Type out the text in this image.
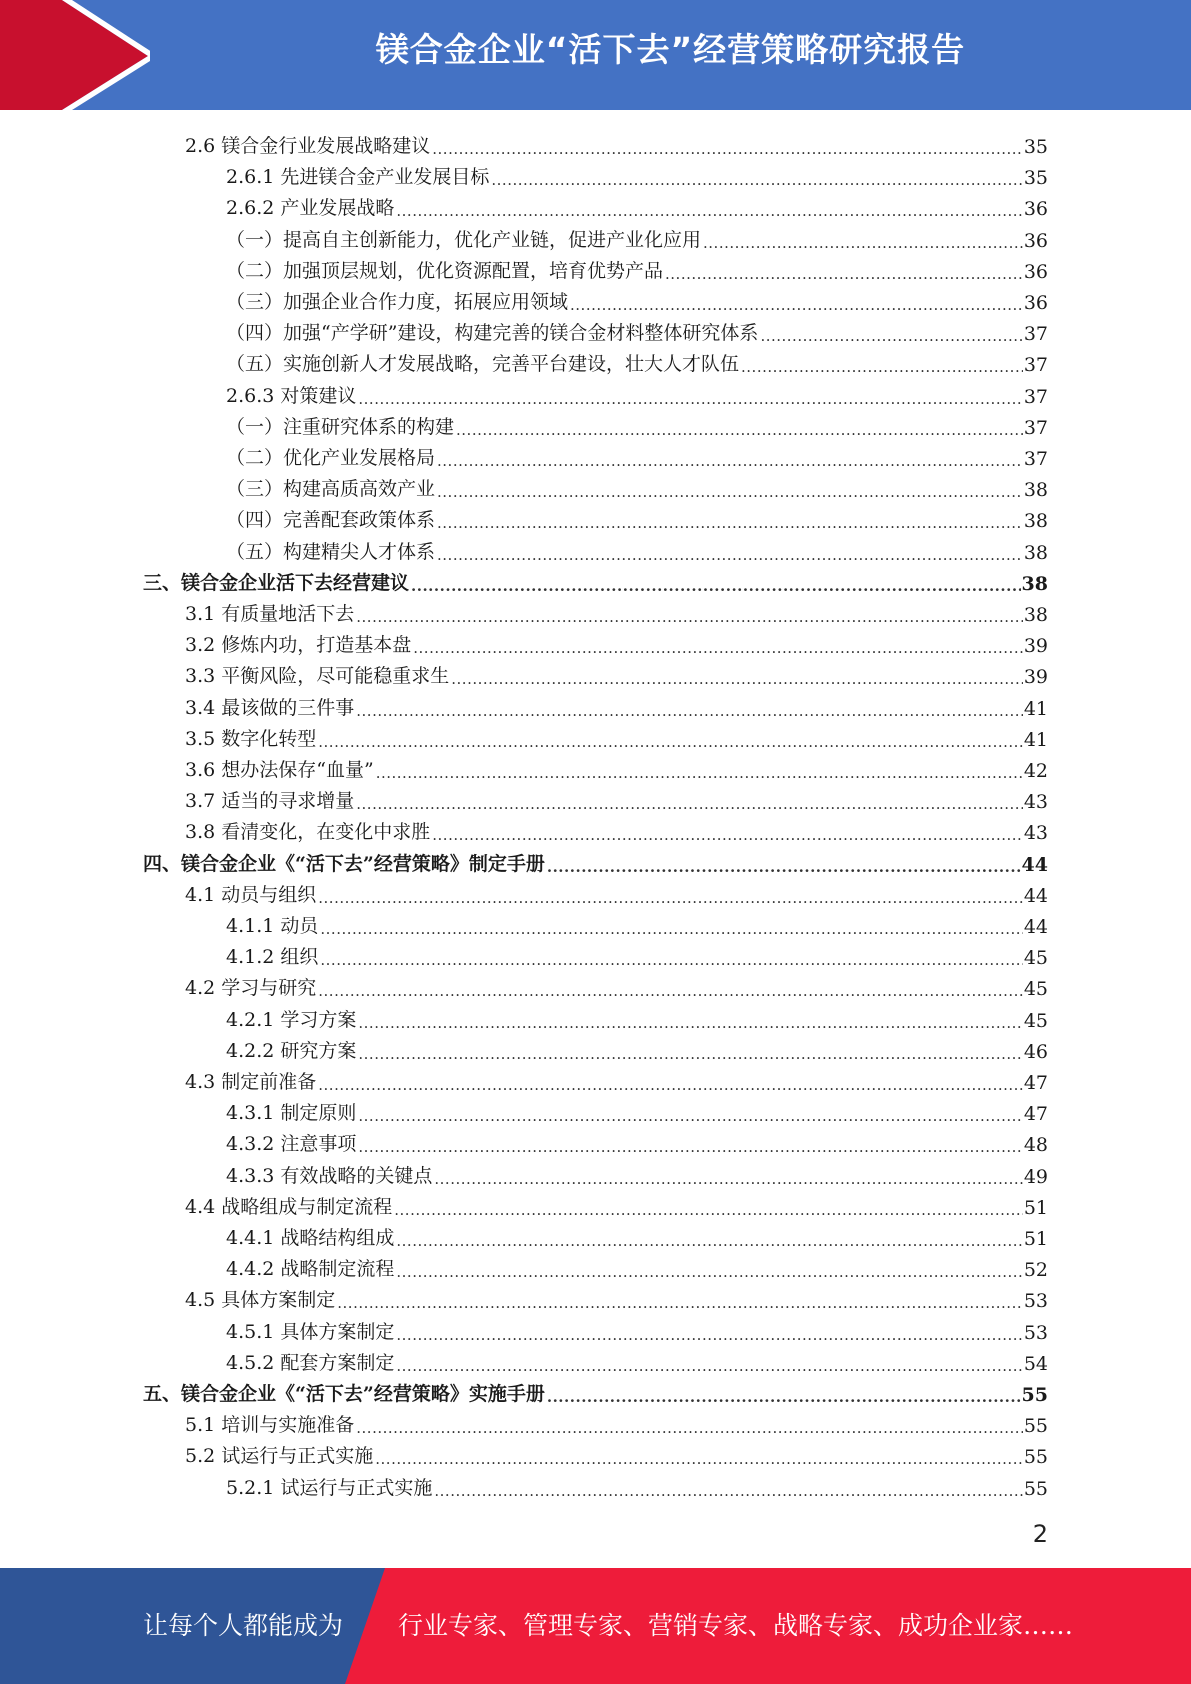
镁合金企业“活下去”经营策略研究报告
2.6 镁合金行业发展战略建议 .....	35
2.6.1 先进镁合金产业发展目标 .....	35
2.6.2 产业发展战略 .....	36
（一）提高自主创新能力，优化产业链，促进产业化应用 .....	36
（二）加强顶层规划，优化资源配置，培育优势产品 .....	36
（三）加强企业合作力度，拓展应用领域 .....	36
（四）加强“产学研”建设，构建完善的镁合金材料整体研究体系 .....	37
（五）实施创新人才发展战略，完善平台建设，壮大人才队伍 .....	37
2.6.3 对策建议 .....	37
（一）注重研究体系的构建 .....	37
（二）优化产业发展格局 .....	37
（三）构建高质高效产业 .....	38
（四）完善配套政策体系 .....	38
（五）构建精尖人才体系 .....	38
三、镁合金企业活下去经营建议 .....	38
3.1 有质量地活下去 .....	38
3.2 修炼内功，打造基本盘 .....	39
3.3 平衡风险，尽可能稳重求生 .....	39
3.4 最该做的三件事 .....	41
3.5 数字化转型 .....	41
3.6 想办法保存“血量” .....	42
3.7 适当的寻求增量 .....	43
3.8 看清变化，在变化中求胜 .....	43
四、镁合金企业《“活下去”经营策略》制定手册 .....	44
4.1 动员与组织 .....	44
4.1.1 动员 .....	44
4.1.2 组织 .....	45
4.2 学习与研究 .....	45
4.2.1 学习方案 .....	45
4.2.2 研究方案 .....	46
4.3 制定前准备 .....	47
4.3.1 制定原则 .....	47
4.3.2 注意事项 .....	48
4.3.3 有效战略的关键点 .....	49
4.4 战略组成与制定流程 .....	51
4.4.1 战略结构组成 .....	51
4.4.2 战略制定流程 .....	52
4.5 具体方案制定 .....	53
4.5.1 具体方案制定 .....	53
4.5.2 配套方案制定 .....	54
五、镁合金企业《“活下去”经营策略》实施手册 .....	55
5.1 培训与实施准备 .....	55
5.2 试运行与正式实施 .....	55
5.2.1 试运行与正式实施 .....	55
2
让每个人都能成为 行业专家、管理专家、营销专家、战略专家、成功企业家……
